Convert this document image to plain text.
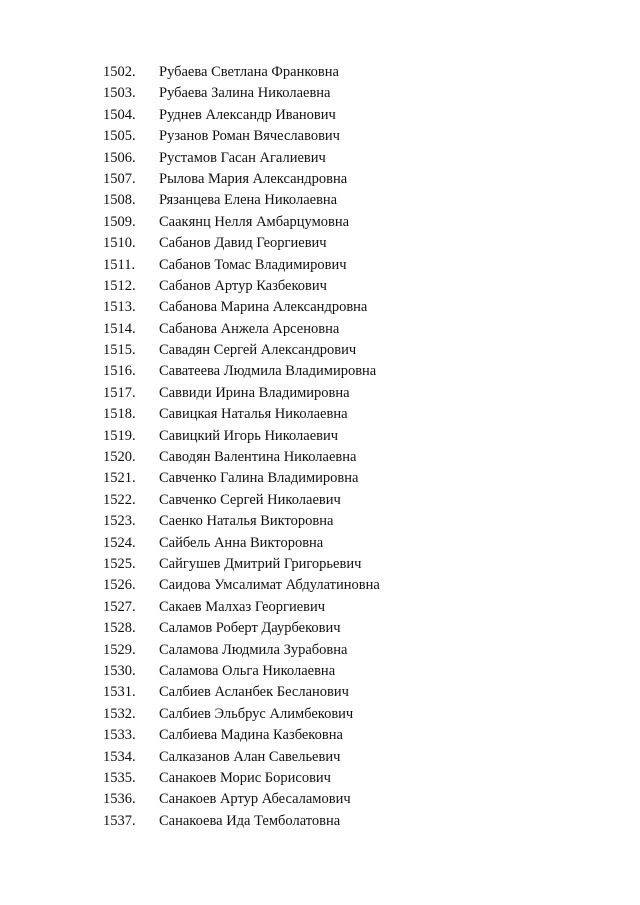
1502. Рубаева Светлана Франковна
1503. Рубаева Залина Николаевна
1504. Руднев Александр Иванович
1505. Рузанов Роман Вячеславович
1506. Рустамов Гасан Агалиевич
1507. Рылова Мария Александровна
1508. Рязанцева Елена Николаевна
1509. Саакянц Нелля Амбарцумовна
1510. Сабанов Давид Георгиевич
1511. Сабанов Томас Владимирович
1512. Сабанов Артур Казбекович
1513. Сабанова Марина Александровна
1514. Сабанова Анжела Арсеновна
1515. Савадян Сергей Александрович
1516. Саватеева Людмила Владимировна
1517. Саввиди Ирина Владимировна
1518. Савицкая Наталья Николаевна
1519. Савицкий Игорь Николаевич
1520. Саводян Валентина Николаевна
1521. Савченко Галина Владимировна
1522. Савченко Сергей Николаевич
1523. Саенко Наталья Викторовна
1524. Сайбель Анна Викторовна
1525. Сайгушев Дмитрий Григорьевич
1526. Саидова Умсалимат Абдулатиновна
1527. Сакаев Малхаз Георгиевич
1528. Саламов Роберт Даурбекович
1529. Саламова Людмила Зурабовна
1530. Саламова Ольга Николаевна
1531. Салбиев Асланбек Бесланович
1532. Салбиев Эльбрус Алимбекович
1533. Салбиева Мадина Казбековна
1534. Салказанов Алан Савельевич
1535. Санакоев Морис Борисович
1536. Санакоев Артур Абесаламович
1537. Санакоева Ида Темболатовна
